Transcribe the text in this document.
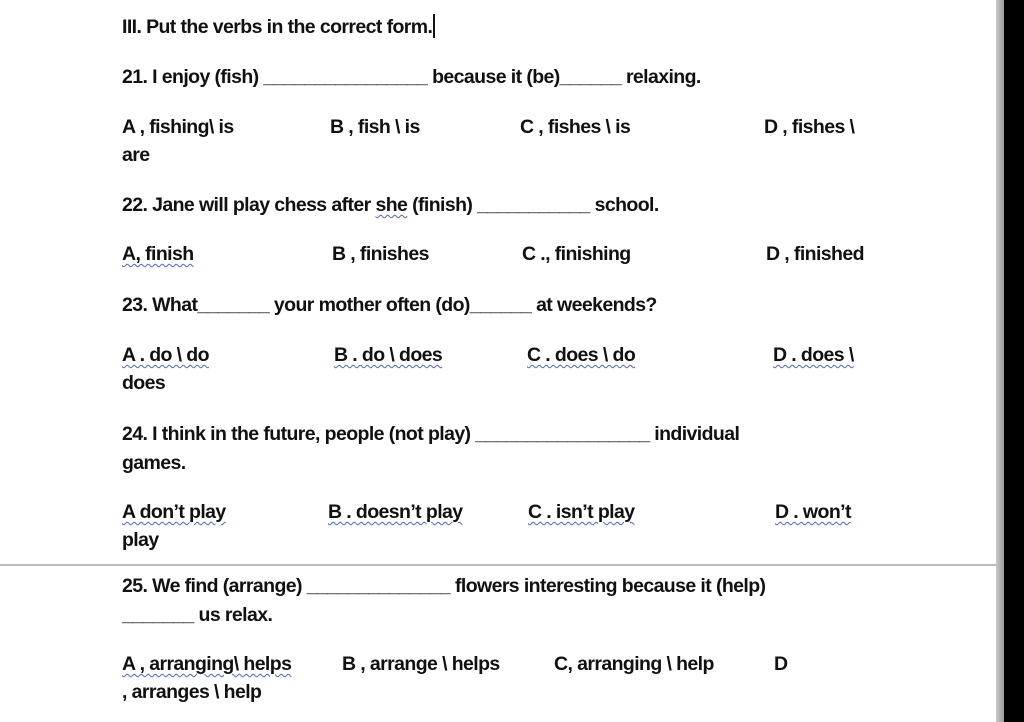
III. Put the verbs in the correct form.
21. I enjoy (fish) ________________ because it (be)______ relaxing.
A , fishing\ is	B , fish \ is	C , fishes \ is	D , fishes \
are
22. Jane will play chess after she (finish) ___________ school.
A, finish	B , finishes	C ., finishing	D , finished
23. What_______ your mother often (do)______ at weekends?
A . do \ do	B . do \ does	C . does \ do	D . does \
does
24. I think in the future, people (not play) _________________ individual
games.
A don’t play	B . doesn’t play	C . isn’t play	D . won’t
play
25. We find (arrange) ______________ flowers interesting because it (help)
_______ us relax.
A , arranging\ helps	B , arrange \ helps	C, arranging \ help	D
, arranges \ help
